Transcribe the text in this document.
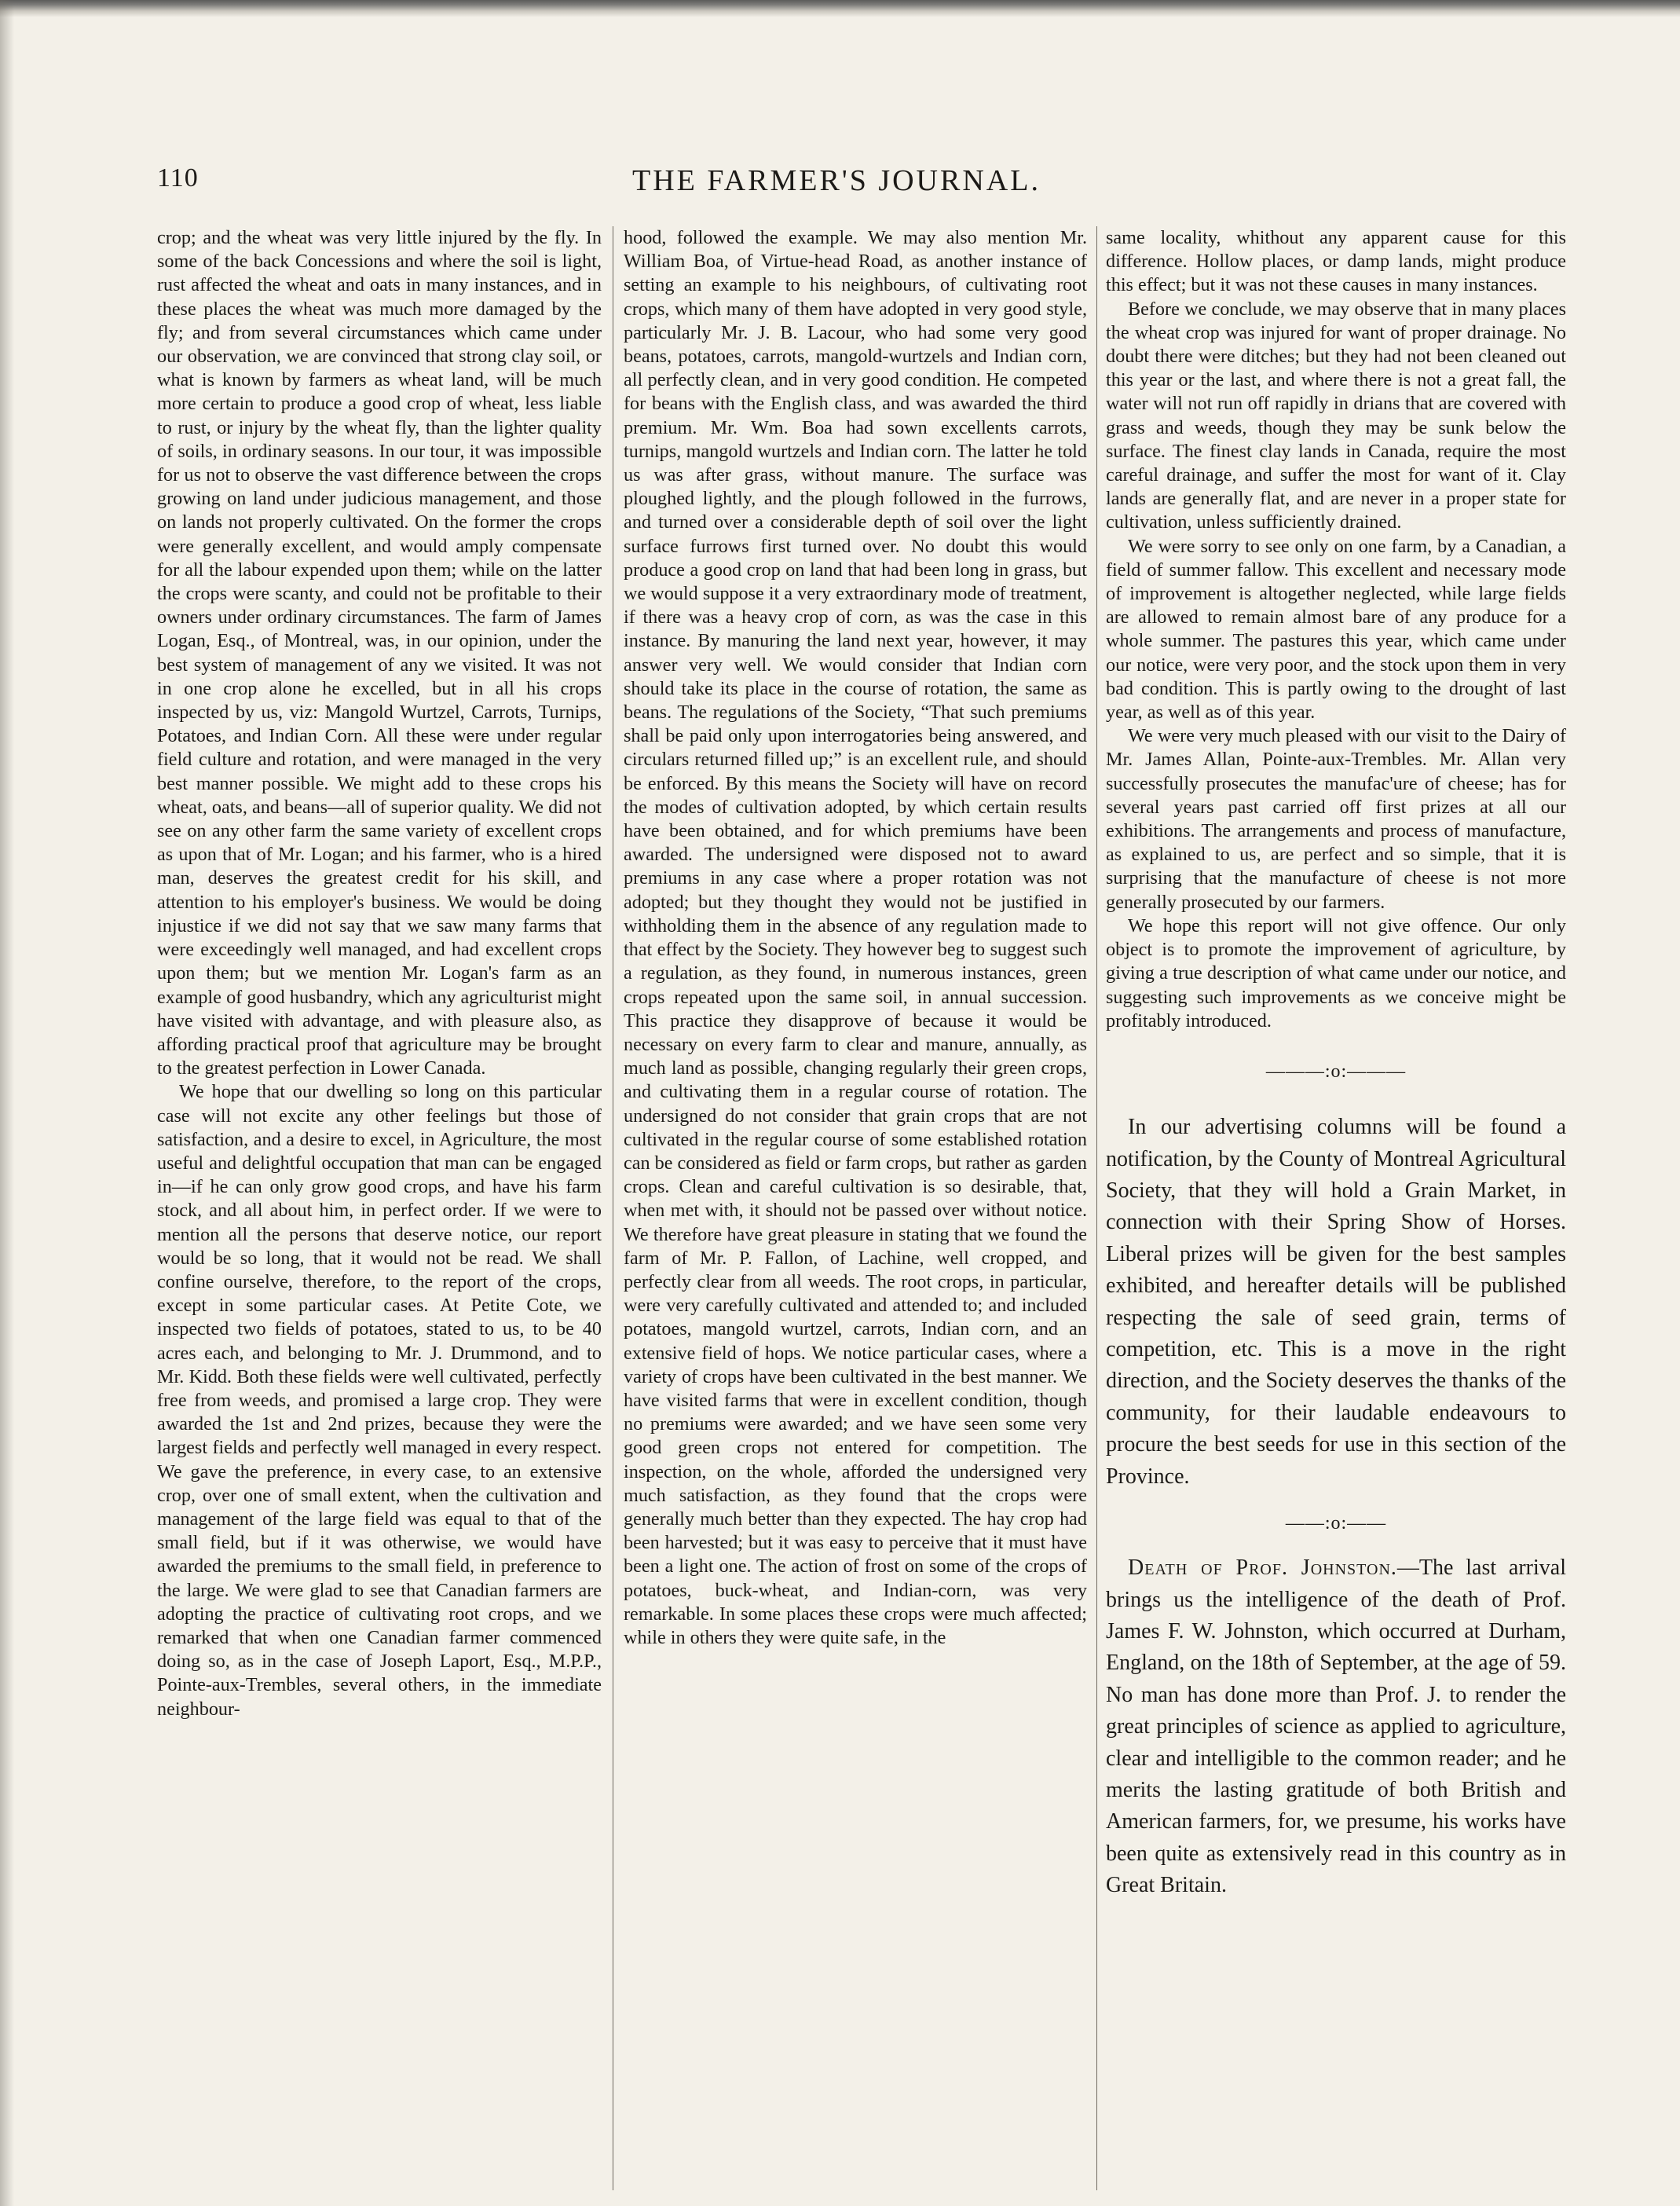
110	THE FARMER'S JOURNAL.

crop; and the wheat was very little injured by the fly. In some of the back Concessions and where the soil is light, rust affected the wheat and oats in many instances, and in these places the wheat was much more damaged by the fly; and from several circumstances which came under our observation, we are convinced that strong clay soil, or what is known by farmers as wheat land, will be much more certain to produce a good crop of wheat, less liable to rust, or injury by the wheat fly, than the lighter quality of soils, in ordinary seasons. In our tour, it was impossible for us not to observe the vast difference between the crops growing on land under judicious management, and those on lands not properly cultivated. On the former the crops were generally excellent, and would amply compensate for all the labour expended upon them; while on the latter the crops were scanty, and could not be profitable to their owners under ordinary circumstances. The farm of James Logan, Esq., of Montreal, was, in our opinion, under the best system of management of any we visited. It was not in one crop alone he excelled, but in all his crops inspected by us, viz: Mangold Wurtzel, Carrots, Turnips, Potatoes, and Indian Corn. All these were under regular field culture and rotation, and were managed in the very best manner possible. We might add to these crops his wheat, oats, and beans—all of superior quality. We did not see on any other farm the same variety of excellent crops as upon that of Mr. Logan; and his farmer, who is a hired man, deserves the greatest credit for his skill, and attention to his employer's business. We would be doing injustice if we did not say that we saw many farms that were exceedingly well managed, and had excellent crops upon them; but we mention Mr. Logan's farm as an example of good husbandry, which any agriculturist might have visited with advantage, and with pleasure also, as affording practical proof that agriculture may be brought to the greatest perfection in Lower Canada.

We hope that our dwelling so long on this particular case will not excite any other feelings but those of satisfaction, and a desire to excel, in Agriculture, the most useful and delightful occupation that man can be engaged in—if he can only grow good crops, and have his farm stock, and all about him, in perfect order. If we were to mention all the persons that deserve notice, our report would be so long, that it would not be read. We shall confine ourselve, therefore, to the report of the crops, except in some particular cases. At Petite Cote, we inspected two fields of potatoes, stated to us, to be 40 acres each, and belonging to Mr. J. Drummond, and to Mr. Kidd. Both these fields were well cultivated, perfectly free from weeds, and promised a large crop. They were awarded the 1st and 2nd prizes, because they were the largest fields and perfectly well managed in every respect. We gave the preference, in every case, to an extensive crop, over one of small extent, when the cultivation and management of the large field was equal to that of the small field, but if it was otherwise, we would have awarded the premiums to the small field, in preference to the large. We were glad to see that Canadian farmers are adopting the practice of cultivating root crops, and we remarked that when one Canadian farmer commenced doing so, as in the case of Joseph Laport, Esq., M.P.P., Pointe-aux-Trembles, several others, in the immediate neighbour-

hood, followed the example. We may also mention Mr. William Boa, of Virtue-head Road, as another instance of setting an example to his neighbours, of cultivating root crops, which many of them have adopted in very good style, particularly Mr. J. B. Lacour, who had some very good beans, potatoes, carrots, mangold-wurtzels and Indian corn, all perfectly clean, and in very good condition. He competed for beans with the English class, and was awarded the third premium. Mr. Wm. Boa had sown excellents carrots, turnips, mangold wurtzels and Indian corn. The latter he told us was after grass, without manure. The surface was ploughed lightly, and the plough followed in the furrows, and turned over a considerable depth of soil over the light surface furrows first turned over. No doubt this would produce a good crop on land that had been long in grass, but we would suppose it a very extraordinary mode of treatment, if there was a heavy crop of corn, as was the case in this instance. By manuring the land next year, however, it may answer very well. We would consider that Indian corn should take its place in the course of rotation, the same as beans. The regulations of the Society, “That such premiums shall be paid only upon interrogatories being answered, and circulars returned filled up;” is an excellent rule, and should be enforced. By this means the Society will have on record the modes of cultivation adopted, by which certain results have been obtained, and for which premiums have been awarded. The undersigned were disposed not to award premiums in any case where a proper rotation was not adopted; but they thought they would not be justified in withholding them in the absence of any regulation made to that effect by the Society. They however beg to suggest such a regulation, as they found, in numerous instances, green crops repeated upon the same soil, in annual succession. This practice they disapprove of because it would be necessary on every farm to clear and manure, annually, as much land as possible, changing regularly their green crops, and cultivating them in a regular course of rotation. The undersigned do not consider that grain crops that are not cultivated in the regular course of some established rotation can be considered as field or farm crops, but rather as garden crops. Clean and careful cultivation is so desirable, that, when met with, it should not be passed over without notice. We therefore have great pleasure in stating that we found the farm of Mr. P. Fallon, of Lachine, well cropped, and perfectly clear from all weeds. The root crops, in particular, were very carefully cultivated and attended to; and included potatoes, mangold wurtzel, carrots, Indian corn, and an extensive field of hops. We notice particular cases, where a variety of crops have been cultivated in the best manner. We have visited farms that were in excellent condition, though no premiums were awarded; and we have seen some very good green crops not entered for competition. The inspection, on the whole, afforded the undersigned very much satisfaction, as they found that the crops were generally much better than they expected. The hay crop had been harvested; but it was easy to perceive that it must have been a light one. The action of frost on some of the crops of potatoes, buck-wheat, and Indian-corn, was very remarkable. In some places these crops were much affected; while in others they were quite safe, in the

same locality, whithout any apparent cause for this difference. Hollow places, or damp lands, might produce this effect; but it was not these causes in many instances.

Before we conclude, we may observe that in many places the wheat crop was injured for want of proper drainage. No doubt there were ditches; but they had not been cleaned out this year or the last, and where there is not a great fall, the water will not run off rapidly in drians that are covered with grass and weeds, though they may be sunk below the surface. The finest clay lands in Canada, require the most careful drainage, and suffer the most for want of it. Clay lands are generally flat, and are never in a proper state for cultivation, unless sufficiently drained.

We were sorry to see only on one farm, by a Canadian, a field of summer fallow. This excellent and necessary mode of improvement is altogether neglected, while large fields are allowed to remain almost bare of any produce for a whole summer. The pastures this year, which came under our notice, were very poor, and the stock upon them in very bad condition. This is partly owing to the drought of last year, as well as of this year.

We were very much pleased with our visit to the Dairy of Mr. James Allan, Pointe-aux-Trembles. Mr. Allan very successfully prosecutes the manufac'ure of cheese; has for several years past carried off first prizes at all our exhibitions. The arrangements and process of manufacture, as explained to us, are perfect and so simple, that it is surprising that the manufacture of cheese is not more generally prosecuted by our farmers.

We hope this report will not give offence. Our only object is to promote the improvement of agriculture, by giving a true description of what came under our notice, and suggesting such improvements as we conceive might be profitably introduced.

———:o:———

In our advertising columns will be found a notification, by the County of Montreal Agricultural Society, that they will hold a Grain Market, in connection with their Spring Show of Horses. Liberal prizes will be given for the best samples exhibited, and hereafter details will be published respecting the sale of seed grain, terms of competition, etc. This is a move in the right direction, and the Society deserves the thanks of the community, for their laudable endeavours to procure the best seeds for use in this section of the Province.

——:o:——

Death of Prof. Johnston.—The last arrival brings us the intelligence of the death of Prof. James F. W. Johnston, which occurred at Durham, England, on the 18th of September, at the age of 59. No man has done more than Prof. J. to render the great principles of science as applied to agriculture, clear and intelligible to the common reader; and he merits the lasting gratitude of both British and American farmers, for, we presume, his works have been quite as extensively read in this country as in Great Britain.
